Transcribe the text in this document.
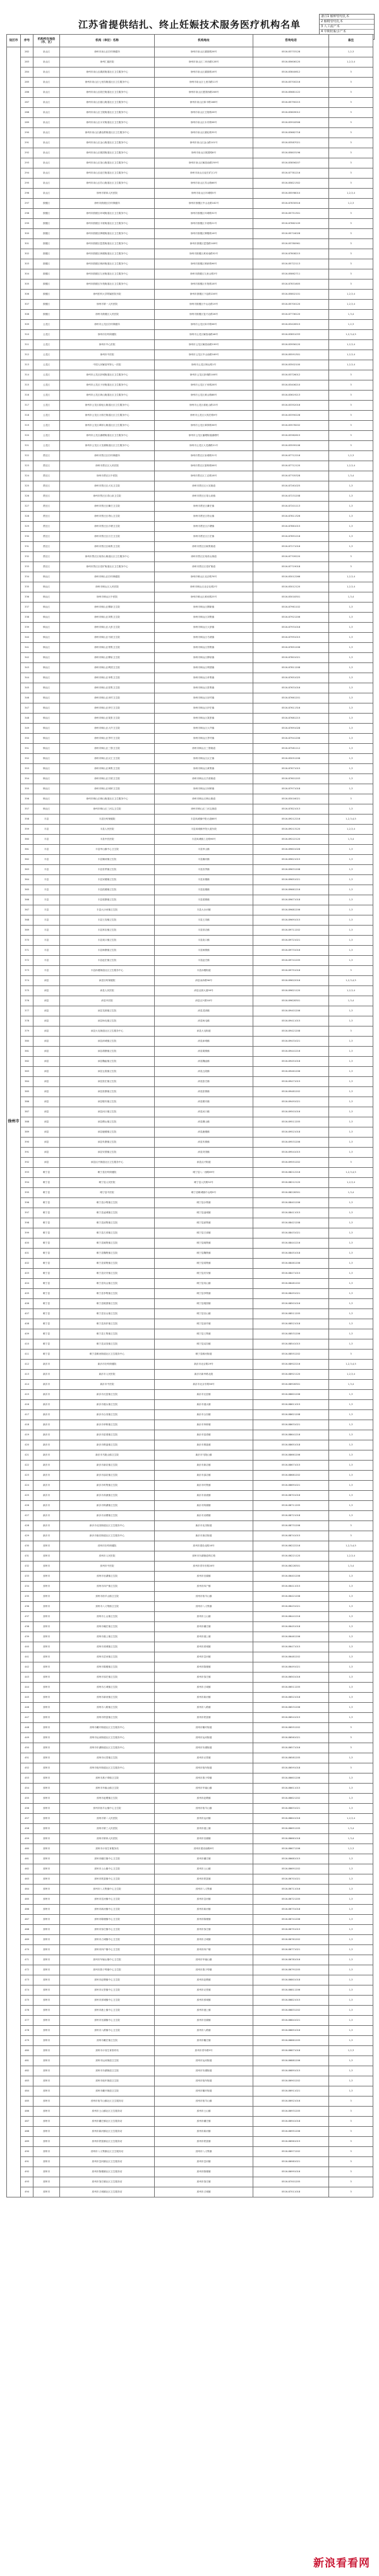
江苏省提供结扎、终止妊娠技术服务医疗机构名单
备注1 输卵管结扎术
2 输精管结扎术
3 人工流产术
4 中期妊娠引产术
设区市	序号	机构所在地县（市、区）	机构（单位）名称	机构地址	咨询电话	备注
徐州市	282	泉山区	徐州市泉山区妇幼保健所	徐州市泉山区湖滨路26号	0516-83733128	1,2,3
	283	泉山区	徐州仁慈医院	徐州市泉山区二环西路128号	0516-85606120	1,2,3,4
	284	泉山区	徐州市泉山区湖滨街道社区卫生服务中心	徐州市泉山区湖滨路16号	0516-83840612	3
	285	泉山区	徐州市泉山区七里沟街道社区卫生服务中心	徐州市泉山区七里沟路11号	0516-83700216	3
	286	泉山区	徐州市泉山区段庄街道社区卫生服务中心	徐州市泉山区建国西路206号	0516-85681122	3
	287	泉山区	徐州市泉山区翟山街道社区卫生服务中心	徐州市泉山区和平路188号	0516-85790215	3
	288	泉山区	徐州市泉山区王陵街道社区卫生服务中心	徐州市泉山区王陵路26号	0516-83609012	3
	289	泉山区	徐州市泉山区永安街道社区卫生服务中心	徐州市泉山区永安路58号	0516-83918306	3
	290	泉山区	徐州市泉山区湖北路街道社区卫生服务中心	徐州市泉山区湖北路35号	0516-83662718	3
	291	泉山区	徐州市泉山区金山街道社区卫生服务中心	徐州市泉山区金山路101号	0516-83587021	3
	292	泉山区	徐州市泉山区桃园街道社区卫生服务中心	徐州市泉山区桃园路8号	0516-85803196	3
	293	泉山区	徐州市泉山区奎山街道社区卫生服务中心	徐州市泉山区解放南路259号	0516-83856207	3
	294	泉山区	徐州市泉山区庞庄街道社区卫生服务中心	徐州市泉山区庞庄矿区1号	0516-87781216	3
	295	泉山区	徐州市泉山区苏山街道社区卫生服务中心	徐州市泉山区苏山路66号	0516-85821302	3
	296	泉山区	徐州市第四人民医院	徐州市泉山区环城路5号	0516-85598010	1,2,3,4
	297	鼓楼区	徐州市鼓楼区妇幼保健所	徐州市鼓楼区中山北路162号	0516-87830516	1,2,3
	298	鼓楼区	徐州市鼓楼区环城街道社区卫生服务中心	徐州市鼓楼区环城路32号	0516-85751301	3
	299	鼓楼区	徐州市鼓楼区丰财街道社区卫生服务中心	徐州市鼓楼区丰财路21号	0516-87862109	3
	300	鼓楼区	徐州市鼓楼区牌楼街道社区卫生服务中心	徐州市鼓楼区牌楼路16号	0516-85716028	3
	301	鼓楼区	徐州市鼓楼区琵琶街道社区卫生服务中心	徐州市鼓楼区琵琶路108号	0516-83780961	3
	302	鼓楼区	徐州市鼓楼区黄楼街道社区卫生服务中心	徐州市鼓楼区黄河南路52号	0516-87808215	3
	303	鼓楼区	徐州市鼓楼区铜沛街道社区卫生服务中心	徐州市鼓楼区铜沛路96号	0516-85722113	3
	304	鼓楼区	徐州市鼓楼区九里街道社区卫生服务中心	徐州市鼓楼区九里山路3号	0516-85862711	3
	305	鼓楼区	徐州市鼓楼区东苑街道社区卫生服务中心	徐州市鼓楼区东苑路18号	0516-87831605	3
	306	鼓楼区	徐州医科大学附属医院东院	徐州市鼓楼区下淀路226号	0516-85802101	1,2,3,4
	307	鼓楼区	徐州市第一人民医院	徐州市鼓楼区中山北路19号	0516-85700120	1,2,3,4
	308	鼓楼区	徐州市鼓楼区人民医院	徐州市鼓楼区复兴北路26号	0516-87736120	1,3,4
	309	云龙区	徐州市云龙区妇幼保健所	徐州市云龙区和平路58号	0516-83426515	1,2,3
	310	云龙区	徐州市妇幼保健院	徐州市云龙区解放南路46号	0516-83851033	1,2,3,4,5
	311	云龙区	徐州市中心医院	徐州市云龙区解放南路199号	0516-83956120	1,2,3,4
	312	云龙区	徐州市中医院	徐州市云龙区中山南路169号	0516-85591301	1,2,3,4
	313	云龙区	中国人民解放军第七一医院	徐州市云龙区铜山路1号	0516-83502100	1,2,3,4
	314	云龙区	徐州市云龙区彭城街道社区卫生服务中心	徐州市云龙区彭城路106号	0516-83726012	3
	315	云龙区	徐州市云龙区子房街道社区卫生服务中心	徐州市云龙区子房路28号	0516-83406210	3
	316	云龙区	徐州市云龙区黄山街道社区卫生服务中心	徐州市云龙区黄山路88号	0516-83619213	3
	317	云龙区	徐州市云龙区骆驼山街道社区卫生服务中心	徐州市云龙区骆驼山路15号	0516-83352016	3
	318	云龙区	徐州市云龙区大郭庄街道社区卫生服务中心	徐州市云龙区大郭庄路9号	0516-83390228	3
	319	云龙区	徐州市云龙区翠屏山街道社区卫生服务中心	徐州市云龙区翠屏路36号	0516-83578202	3
	320	云龙区	徐州市云龙区潘塘街道社区卫生服务中心	徐州市云龙区潘塘街道潘塘村	0516-83382615	3
	321	云龙区	徐州市云龙区大龙湖街道社区卫生服务中心	徐州市云龙区大龙湖路21号	0516-83599106	3
	322	贾汪区	徐州市贾汪区妇幼保健所	徐州市贾汪区泉城路31号	0516-87712216	1,2,3
	323	贾汪区	徐州市贾汪区人民医院	徐州市贾汪区夏桥路58号	0516-87712120	1,2,3,4
	324	贾汪区	徐州市贾汪区中医院	徐州市贾汪区工农路18号	0516-87705328	1,3,4
	325	贾汪区	徐州市贾汪区大吴卫生院	徐州市贾汪区大吴街道	0516-87261025	1,3
	326	贾汪区	徐州市贾汪区青山泉卫生院	徐州市贾汪区青山泉镇	0516-87231208	1,3
	327	贾汪区	徐州市贾汪区紫庄卫生院	徐州市贾汪区紫庄镇	0516-87201113	1,3
	328	贾汪区	徐州市贾汪区塔山卫生院	徐州市贾汪区塔山镇	0516-87811326	1,3
	329	贾汪区	徐州市贾汪区汴塘卫生院	徐州市贾汪区汴塘镇	0516-87861015	1,3
	330	贾汪区	徐州市贾汪区江庄卫生院	徐州市贾汪区江庄镇	0516-87891218	1,3
	331	贾汪区	徐州市贾汪区耿集卫生院	徐州市贾汪区耿集街道	0516-87271016	1,3
	332	贾汪区	徐州市贾汪区茱萸山街道社区卫生服务中心	徐州市贾汪区茱萸山街道	0516-87709220	3
	333	贾汪区	徐州市贾汪区老矿街道社区卫生服务中心	徐州市贾汪区老矿街道	0516-87719018	3
	334	铜山区	徐州市铜山区妇幼保健院	徐州市铜山区北京路76号	0516-83012266	1,2,3,4
	335	铜山区	徐州市铜山区人民医院	徐州市铜山区北京北路2号	0516-83012120	1,2,3,4
	336	铜山区	徐州市铜山区中医院	徐州市铜山区黄河路25号	0516-83018301	1,3,4
	337	铜山区	徐州市铜山区柳新卫生院	徐州市铜山区柳新镇	0516-87961102	1,3
	338	铜山区	徐州市铜山区刘集卫生院	徐州市铜山区刘集镇	0516-87921206	1,3
	339	铜山区	徐州市铜山区大彭卫生院	徐州市铜山区大彭镇	0516-87931018	1,3
	340	铜山区	徐州市铜山区马坡卫生院	徐州市铜山区马坡镇	0516-87991015	1,3
	341	铜山区	徐州市铜山区郑集卫生院	徐州市铜山区郑集镇	0516-87851206	1,3
	342	铜山区	徐州市铜山区柳泉卫生院	徐州市铜山区柳泉镇	0516-87801021	1,3
	343	铜山区	徐州市铜山区利国卫生院	徐州市铜山区利国镇	0516-87811208	1,3
	344	铜山区	徐州市铜山区单集卫生院	徐州市铜山区单集镇	0516-87651025	1,3
	345	铜山区	徐州市铜山区张集卫生院	徐州市铜山区张集镇	0516-87631016	1,3
	346	铜山区	徐州市铜山区房村卫生院	徐州市铜山区房村镇	0516-87661201	1,3
	347	铜山区	徐州市铜山区伊庄卫生院	徐州市铜山区伊庄镇	0516-87611316	1,3
	348	铜山区	徐州市铜山区棠张卫生院	徐州市铜山区棠张镇	0516-87681215	1,3
	349	铜山区	徐州市铜山区大许卫生院	徐州市铜山区大许镇	0516-87691028	1,3
	350	铜山区	徐州市铜山区茅村卫生院	徐州市铜山区茅村镇	0516-87941206	1,3
	351	铜山区	徐州市铜山区三堡卫生院	徐州市铜山区三堡街道	0516-87581112	1,3
	352	铜山区	徐州市铜山区汉王卫生院	徐州市铜山区汉王镇	0516-83051206	1,3
	353	铜山区	徐州市铜山区黄集卫生院	徐州市铜山区黄集镇	0516-87671015	1,3
	354	铜山区	徐州市铜山区吕梁卫生院	徐州市铜山区吕梁街道	0516-87601203	1,3
	355	铜山区	徐州市铜山区何桥卫生院	徐州市铜山区何桥镇	0516-87971018	1,3
	356	铜山区	徐州市铜山区铜山街道社区卫生服务中心	徐州市铜山区铜山街道	0516-83016021	3
	357	铜山区	徐州市铜山区三河尖卫生院	徐州市铜山区三河尖街道	0516-87821013	1,3
	358	丰县	丰县妇幼保健院	丰县凤城镇中阳大道88号	0516-89212216	1,2,3,4,5
	359	丰县	丰县人民医院	丰县凤城镇中阳大道东段	0516-89213120	1,2,3,4
	360	丰县	丰县中医医院	丰县凤城镇工农路96号	0516-89222120	1,3,4
	361	丰县	丰县华山镇中心卫生院	丰县华山镇	0516-89601028	1,3
	362	丰县	丰县顺河镇卫生院	丰县顺河镇	0516-89621015	1,3
	363	丰县	丰县首羡镇卫生院	丰县首羡镇	0516-89631208	1,3
	364	丰县	丰县宋楼镇卫生院	丰县宋楼镇	0516-89651021	1,3
	365	丰县	丰县范楼镇卫生院	丰县范楼镇	0516-89661216	1,3
	366	丰县	丰县梁寨镇卫生院	丰县梁寨镇	0516-89671018	1,3
	367	丰县	丰县大沙河镇卫生院	丰县大沙河镇	0516-89681206	1,3
	368	丰县	丰县王沟镇卫生院	丰县王沟镇	0516-89691015	1,3
	369	丰县	丰县常店镇卫生院	丰县常店镇	0516-89711202	1,3
	370	丰县	丰县欢口镇卫生院	丰县欢口镇	0516-89721021	1,3
	371	丰县	丰县师寨镇卫生院	丰县师寨镇	0516-89731016	1,3
	372	丰县	丰县赵庄镇卫生院	丰县赵庄镇	0516-89741205	1,3
	373	丰县	丰县孙楼街道社区卫生服务中心	丰县孙楼街道	0516-89751018	3
	374	沛县	沛县妇幼保健院	沛县汤沐路96号	0516-89622016	1,2,3,4,5
	375	沛县	沛县人民医院	沛县汉源大道99号	0516-89621120	1,2,3,4
	376	沛县	沛县中医院	沛县汉兴路18号	0516-89628301	1,3,4
	377	沛县	沛县龙固镇卫生院	沛县龙固镇	0516-89401206	1,3
	378	沛县	沛县杨屯镇卫生院	沛县杨屯镇	0516-89411015	1,3
	379	沛县	沛县大屯街道社区卫生服务中心	沛县大屯街道	0516-89421208	3
	380	沛县	沛县沛城镇卫生院	沛县沛城镇	0516-89431021	1,3
	381	沛县	沛县胡寨镇卫生院	沛县胡寨镇	0516-89441216	1,3
	382	沛县	沛县魏庙镇卫生院	沛县魏庙镇	0516-89451018	1,3
	383	沛县	沛县五段镇卫生院	沛县五段镇	0516-89461206	1,3
	384	沛县	沛县张庄镇卫生院	沛县张庄镇	0516-89471015	1,3
	385	沛县	沛县张寨镇卫生院	沛县张寨镇	0516-89481202	1,3
	386	沛县	沛县敬安镇卫生院	沛县敬安镇	0516-89491021	1,3
	387	沛县	沛县河口镇卫生院	沛县河口镇	0516-89501016	1,3
	388	沛县	沛县栖山镇卫生院	沛县栖山镇	0516-89511205	1,3
	389	沛县	沛县鹿楼镇卫生院	沛县鹿楼镇	0516-89521018	1,3
	390	沛县	沛县朱寨镇卫生院	沛县朱寨镇	0516-89531206	1,3
	391	沛县	沛县安国镇卫生院	沛县安国镇	0516-89541015	1,3
	392	沛县	沛县汉兴街道社区卫生服务中心	沛县汉兴街道	0516-89551202	3
	393	睢宁县	睢宁县妇幼保健院	睢宁县八一西路69号	0516-88212216	1,2,3,4,5
	394	睢宁县	睢宁县人民医院	睢宁县人民路52号	0516-88212120	1,2,3,4
	395	睢宁县	睢宁县中医院	睢宁县睢城镇中山路9号	0516-88228301	1,3,4
	396	睢宁县	睢宁县沙集镇卫生院	睢宁县沙集镇	0516-88401206	1,3
	397	睢宁县	睢宁县凌城镇卫生院	睢宁县凌城镇	0516-88411015	1,3
	398	睢宁县	睢宁县邱集镇卫生院	睢宁县邱集镇	0516-88421208	1,3
	399	睢宁县	睢宁县古邳镇卫生院	睢宁县古邳镇	0516-88431021	1,3
	400	睢宁县	睢宁县姚集镇卫生院	睢宁县姚集镇	0516-88441216	1,3
	401	睢宁县	睢宁县魏集镇卫生院	睢宁县魏集镇	0516-88451018	1,3
	402	睢宁县	睢宁县梁集镇卫生院	睢宁县梁集镇	0516-88461206	1,3
	403	睢宁县	睢宁县庆安镇卫生院	睢宁县庆安镇	0516-88471015	1,3
	404	睢宁县	睢宁县岚山镇卫生院	睢宁县岚山镇	0516-88481202	1,3
	405	睢宁县	睢宁县李集镇卫生院	睢宁县李集镇	0516-88491021	1,3
	406	睢宁县	睢宁县桃园镇卫生院	睢宁县桃园镇	0516-88501016	1,3
	407	睢宁县	睢宁县官山镇卫生院	睢宁县官山镇	0516-88511205	1,3
	408	睢宁县	睢宁县高作镇卫生院	睢宁县高作镇	0516-88521018	1,3
	409	睢宁县	睢宁县王集镇卫生院	睢宁县王集镇	0516-88531206	1,3
	410	睢宁县	睢宁县双沟镇卫生院	睢宁县双沟镇	0516-88541015	1,3
	411	睢宁县	睢宁县睢河街道社区卫生服务中心	睢宁县睢河街道	0516-88551202	3
	412	新沂市	新沂市妇幼保健院	新沂市北京路29号	0516-88922216	1,2,3,4,5
	413	新沂市	新沂市人民医院	新沂市新华路北段	0516-88921120	1,2,3,4
	414	新沂市	新沂市中医院	新沂市北京东路56号	0516-88928301	1,3,4
	415	新沂市	新沂市瓦窑镇卫生院	新沂市瓦窑镇	0516-88601206	1,3
	416	新沂市	新沂市港头镇卫生院	新沂市港头镇	0516-88611015	1,3
	417	新沂市	新沂市合沟镇卫生院	新沂市合沟镇	0516-88621208	1,3
	418	新沂市	新沂市草桥镇卫生院	新沂市草桥镇	0516-88631021	1,3
	419	新沂市	新沂市窑湾镇卫生院	新沂市窑湾镇	0516-88641216	1,3
	420	新沂市	新沂市棋盘镇卫生院	新沂市棋盘镇	0516-88651018	1,3
	421	新沂市	新沂市马陵山镇卫生院	新沂市马陵山镇	0516-88661206	1,3
	422	新沂市	新沂市新店镇卫生院	新沂市新店镇	0516-88671015	1,3
	423	新沂市	新沂市邵店镇卫生院	新沂市邵店镇	0516-88681202	1,3
	424	新沂市	新沂市时集镇卫生院	新沂市时集镇	0516-88691021	1,3
	425	新沂市	新沂市高流镇卫生院	新沂市高流镇	0516-88701016	1,3
	426	新沂市	新沂市阿湖镇卫生院	新沂市阿湖镇	0516-88711205	1,3
	427	新沂市	新沂市双塘镇卫生院	新沂市双塘镇	0516-88721018	1,3
	428	新沂市	新沂市北沟街道社区卫生服务中心	新沂市北沟街道	0516-88731206	3
	429	新沂市	新沂市唐店街道社区卫生服务中心	新沂市唐店街道	0516-88741015	3
	430	邳州市	邳州市妇幼保健院	邳州市建设北路16号	0516-86222216	1,2,3,4,5
	431	邳州市	邳州市人民医院	邳州市东湖街道珠江路	0516-86221120	1,2,3,4
	432	邳州市	邳州市中医院	邳州市青年东路26号	0516-86228301	1,3,4
	433	邳州市	邳州市官湖镇卫生院	邳州市官湖镇	0516-86401206	1,3
	434	邳州市	邳州市四户镇卫生院	邳州市四户镇	0516-86411015	1,3
	435	邳州市	邳州市宿羊山镇卫生院	邳州市宿羊山镇	0516-86421208	1,3
	436	邳州市	邳州市八义集镇卫生院	邳州市八义集镇	0516-86431021	1,3
	437	邳州市	邳州市土山镇卫生院	邳州市土山镇	0516-86441216	1,3
	438	邳州市	邳州市碾庄镇卫生院	邳州市碾庄镇	0516-86451018	1,3
	439	邳州市	邳州市港上镇卫生院	邳州市港上镇	0516-86461206	1,3
	440	邳州市	邳州市邳城镇卫生院	邳州市邳城镇	0516-86471015	1,3
	441	邳州市	邳州市岔河镇卫生院	邳州市岔河镇	0516-86481202	1,3
	442	邳州市	邳州市陈楼镇卫生院	邳州市陈楼镇	0516-86491021	1,3
	443	邳州市	邳州市邹庄镇卫生院	邳州市邹庄镇	0516-86501016	1,3
	444	邳州市	邳州市占城镇卫生院	邳州市占城镇	0516-86511205	1,3
	445	邳州市	邳州市新河镇卫生院	邳州市新河镇	0516-86521018	1,3
	446	邳州市	邳州市八路镇卫生院	邳州市八路镇	0516-86531206	1,3
	447	邳州市	邳州市铁富镇卫生院	邳州市铁富镇	0516-86541015	1,3
	448	邳州市	邳州市戴圩街道社区卫生服务中心	邳州市戴圩街道	0516-86551202	3
	449	邳州市	邳州市运河街道社区卫生服务中心	邳州市运河街道	0516-86561021	3
	450	邳州市	邳州市东湖街道社区卫生服务中心	邳州市东湖街道	0516-86571016	3
	451	邳州市	邳州市议堂镇卫生院	邳州市议堂镇	0516-86581205	1,3
	452	邳州市	邳州市炮车街道社区卫生服务中心	邳州市炮车街道	0516-86591018	3
	453	邳州市	邳州市燕子埠镇卫生院	邳州市燕子埠镇	0516-86601206	1,3
	454	邳州市	邳州市车辐山镇卫生院	邳州市车辐山镇	0516-86611015	1,3
	455	邳州市	邳州市赵墩镇卫生院	邳州市赵墩镇	0516-86621202	1,3
	456	邳州市	邳州市宿羊山镇中心卫生院	邳州市宿羊山镇	0516-86631021	1,3
	457	邳州市	邳州市第二人民医院	邳州市运河镇	0516-86641016	1,2,3,4
	458	邳州市	邳州市第三人民医院	邳州市港上镇	0516-86651205	1,3,4
	459	邳州市	邳州市第四人民医院	邳州市官湖镇	0516-86661018	1,3,4
	460	邳州市	邳州市计划生育服务站	邳州市建设南路8号	0516-86671206	1,2,3
	461	邳州市	邳州市碾庄镇中心卫生院	邳州市碾庄镇	0516-86681015	1,3
	462	邳州市	邳州市土山镇中心卫生院	邳州市土山镇	0516-86691202	1,3
	463	邳州市	邳州市铁富镇中心卫生院	邳州市铁富镇	0516-86701021	1,3
	464	邳州市	邳州市八义集镇中心卫生院	邳州市八义集镇	0516-86711016	1,3
	465	邳州市	邳州市岔河镇中心卫生院	邳州市岔河镇	0516-86721205	1,3
	466	邳州市	邳州市新河镇中心卫生院	邳州市新河镇	0516-86731018	1,3
	467	邳州市	邳州市陈楼镇中心卫生院	邳州市陈楼镇	0516-86741206	1,3
	468	邳州市	邳州市邹庄镇中心卫生院	邳州市邹庄镇	0516-86751015	1,3
	469	邳州市	邳州市占城镇中心卫生院	邳州市占城镇	0516-86761202	1,3
	470	邳州市	邳州市四户镇中心卫生院	邳州市四户镇	0516-86771021	1,3
	471	邳州市	邳州市车辐山镇中心卫生院	邳州市车辐山镇	0516-86781016	1,3
	472	邳州市	邳州市燕子埠镇中心卫生院	邳州市燕子埠镇	0516-86791205	1,3
	473	邳州市	邳州市赵墩镇中心卫生院	邳州市赵墩镇	0516-86801018	1,3
	474	邳州市	邳州市议堂镇中心卫生院	邳州市议堂镇	0516-86811206	1,3
	475	邳州市	邳州市邳城镇中心卫生院	邳州市邳城镇	0516-86821015	1,3
	476	邳州市	邳州市港上镇中心卫生院	邳州市港上镇	0516-86831202	1,3
	477	邳州市	邳州市官湖镇中心卫生院	邳州市官湖镇	0516-86841021	1,3
	478	邳州市	邳州市八路镇中心卫生院	邳州市八路镇	0516-86851016	1,3
	479	邳州市	邳州市戴庄镇卫生院	邳州市戴庄镇	0516-86861205	1,3
	480	邳州市	邳州市计划生育指导站	邳州市青年路5号	0516-86871018	1,2,3
	481	邳州市	邳州市运河街道卫生院	邳州市运河街道	0516-86881206	1,3
	482	邳州市	邳州市东湖街道卫生院	邳州市东湖街道	0516-86891015	1,3
	483	邳州市	邳州市炮车街道卫生院	邳州市炮车街道	0516-86901202	1,3
	484	邳州市	邳州市戴圩街道卫生院	邳州市戴圩街道	0516-86911021	1,3
	485	邳州市	邳州市宿羊山镇社区卫生服务站	邳州市宿羊山镇	0516-86921016	3
	486	邳州市	邳州市土山镇社区卫生服务站	邳州市土山镇	0516-86931205	3
	487	邳州市	邳州市碾庄镇社区卫生服务站	邳州市碾庄镇	0516-86941018	3
	488	邳州市	邳州市新河镇社区卫生服务站	邳州市新河镇	0516-86951206	3
	489	邳州市	邳州市铁富镇社区卫生服务站	邳州市铁富镇	0516-86961015	3
	490	邳州市	邳州市八义集镇社区卫生服务站	邳州市八义集镇	0516-86971202	3
	491	邳州市	邳州市岔河镇社区卫生服务站	邳州市岔河镇	0516-86981021	3
	492	邳州市	邳州市陈楼镇社区卫生服务站	邳州市陈楼镇	0516-86991016	3
	493	邳州市	邳州市邹庄镇社区卫生服务站	邳州市邹庄镇	0516-87001205	3
	494	邳州市	邳州市占城镇社区卫生服务站	邳州市占城镇	0516-87011018	3
新浪看看网
